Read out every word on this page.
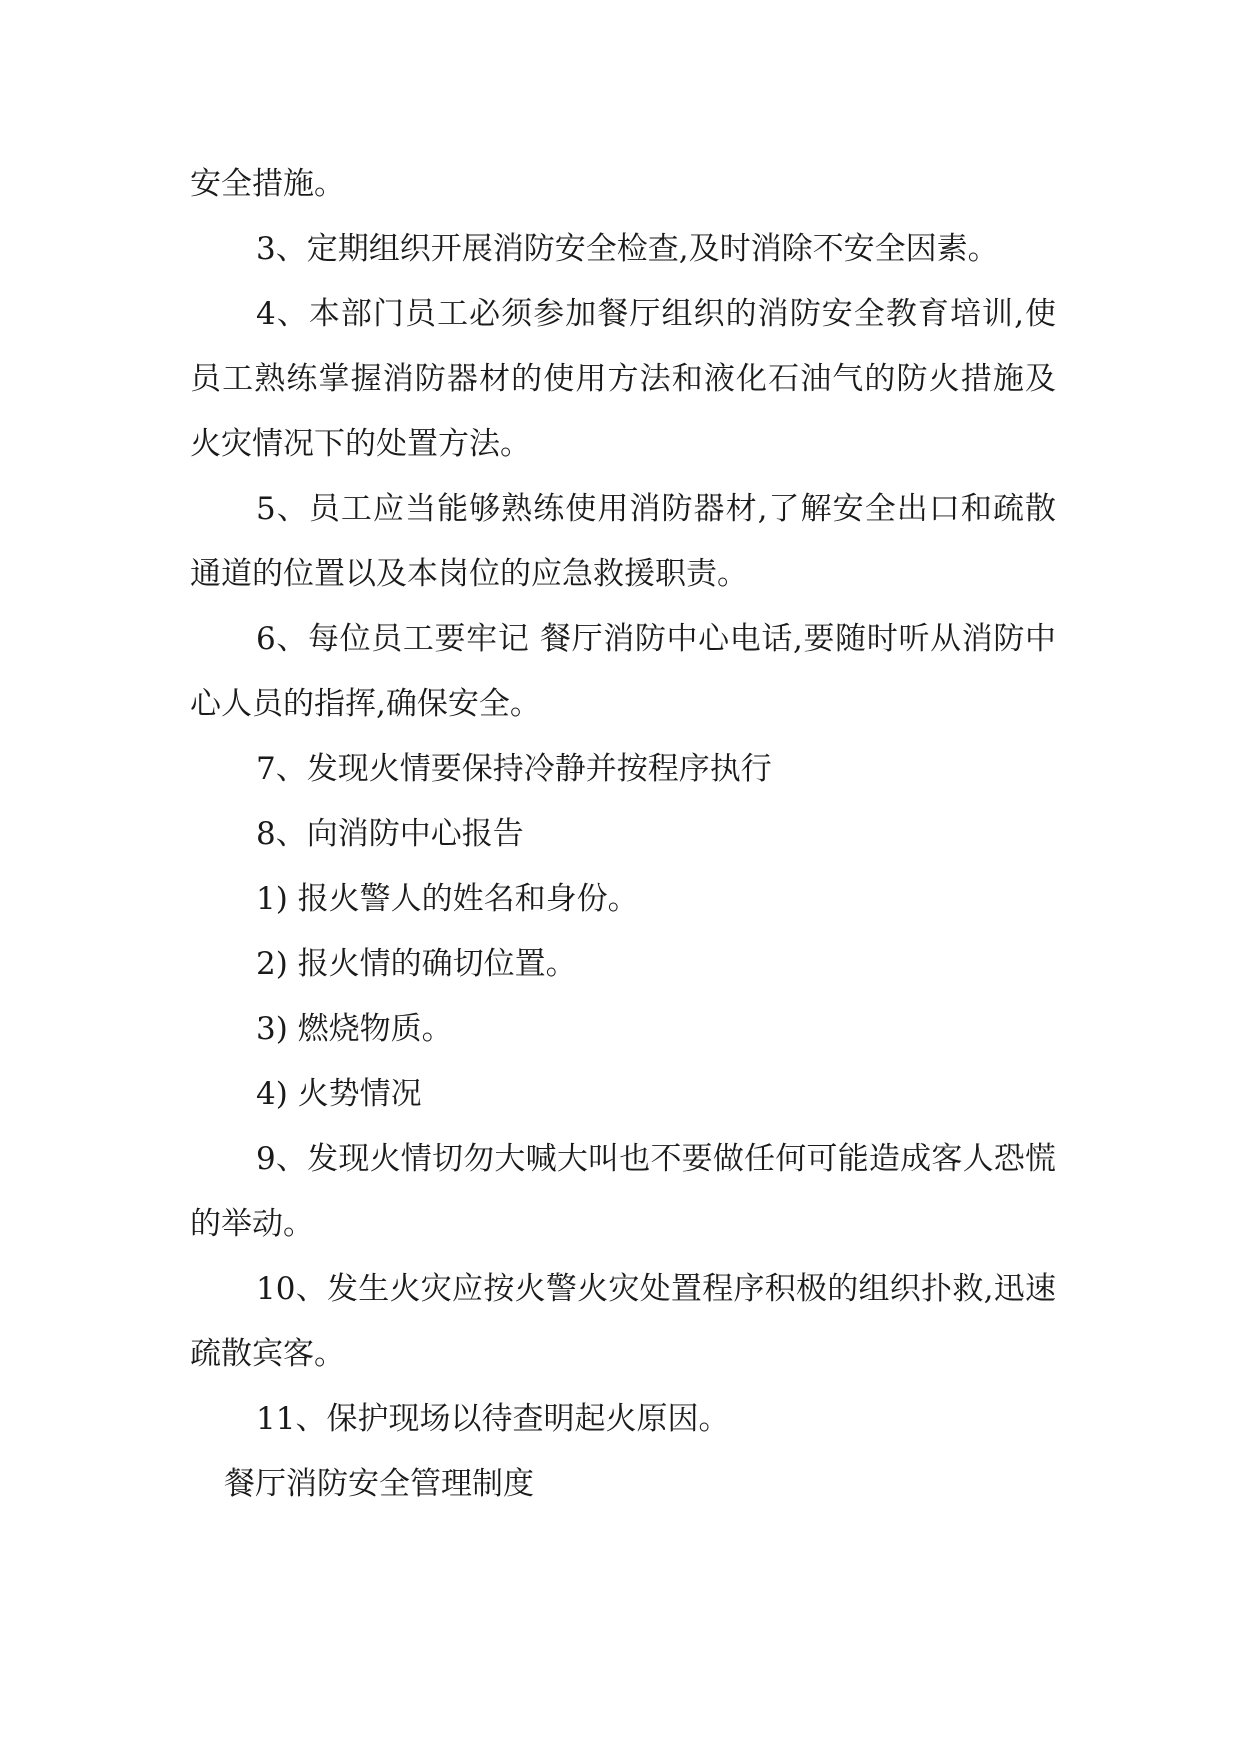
安全措施。

3、定期组织开展消防安全检查,及时消除不安全因素。

4、本部门员工必须参加餐厅组织的消防安全教育培训,使员工熟练掌握消防器材的使用方法和液化石油气的防火措施及火灾情况下的处置方法。

5、员工应当能够熟练使用消防器材,了解安全出口和疏散通道的位置以及本岗位的应急救援职责。

6、每位员工要牢记 餐厅消防中心电话,要随时听从消防中心人员的指挥,确保安全。

7、发现火情要保持冷静并按程序执行

8、向消防中心报告

1) 报火警人的姓名和身份。

2) 报火情的确切位置。

3) 燃烧物质。

4) 火势情况

9、发现火情切勿大喊大叫也不要做任何可能造成客人恐慌的举动。

10、发生火灾应按火警火灾处置程序积极的组织扑救,迅速疏散宾客。

11、保护现场以待查明起火原因。

餐厅消防安全管理制度
